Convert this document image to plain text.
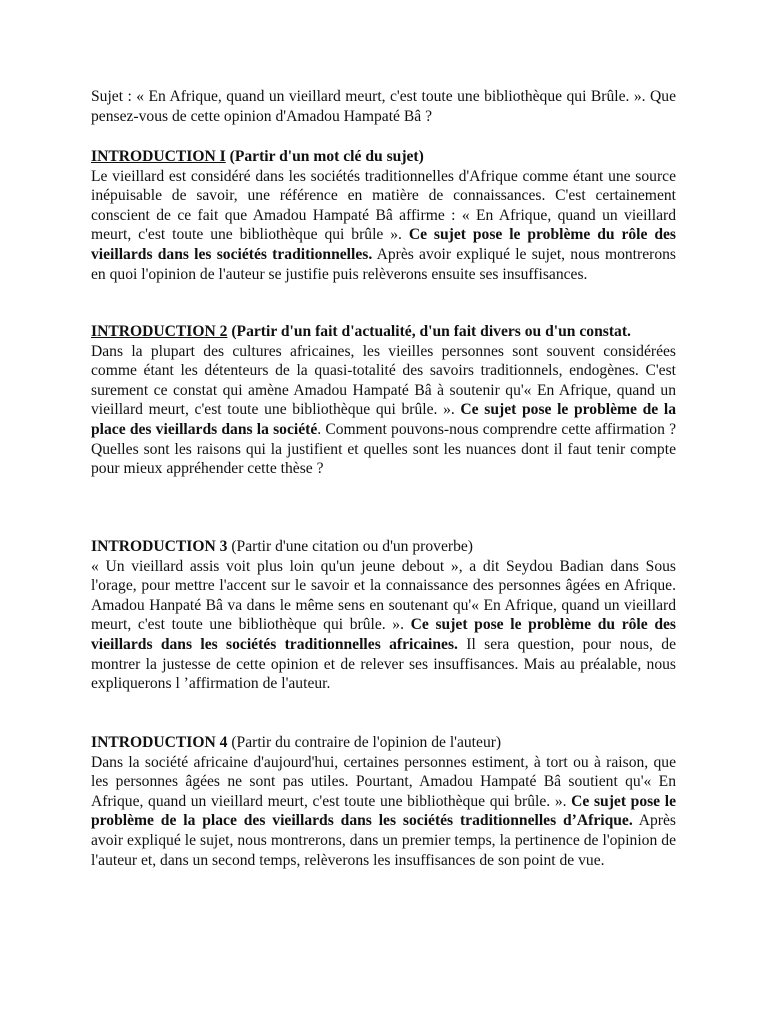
Sujet : « En Afrique, quand un vieillard meurt, c'est toute une bibliothèque qui Brûle. ». Que pensez-vous de cette opinion d'Amadou Hampaté Bâ ?

INTRODUCTION I (Partir d'un mot clé du sujet)

Le vieillard est considéré dans les sociétés traditionnelles d'Afrique comme étant une source inépuisable de savoir, une référence en matière de connaissances. C'est certainement conscient de ce fait que Amadou Hampaté Bâ affirme : « En Afrique, quand un vieillard meurt, c'est toute une bibliothèque qui brûle ». Ce sujet pose le problème du rôle des vieillards dans les sociétés traditionnelles. Après avoir expliqué le sujet, nous montrerons en quoi l'opinion de l'auteur se justifie puis relèverons ensuite ses insuffisances.

INTRODUCTION 2 (Partir d'un fait d'actualité, d'un fait divers ou d'un constat.

Dans la plupart des cultures africaines, les vieilles personnes sont souvent considérées comme étant les détenteurs de la quasi-totalité des savoirs traditionnels, endogènes. C'est surement ce constat qui amène Amadou Hampaté Bâ à soutenir qu'« En Afrique, quand un vieillard meurt, c'est toute une bibliothèque qui brûle. ». Ce sujet pose le problème de la place des vieillards dans la société. Comment pouvons-nous comprendre cette affirmation ? Quelles sont les raisons qui la justifient et quelles sont les nuances dont il faut tenir compte pour mieux appréhender cette thèse ?

INTRODUCTION 3 (Partir d'une citation ou d'un proverbe)

« Un vieillard assis voit plus loin qu'un jeune debout », a dit Seydou Badian dans Sous l'orage, pour mettre l'accent sur le savoir et la connaissance des personnes âgées en Afrique. Amadou Hanpaté Bâ va dans le même sens en soutenant qu'« En Afrique, quand un vieillard meurt, c'est toute une bibliothèque qui brûle. ». Ce sujet pose le problème du rôle des vieillards dans les sociétés traditionnelles africaines. Il sera question, pour nous, de montrer la justesse de cette opinion et de relever ses insuffisances. Mais au préalable, nous expliquerons l ’affirmation de l'auteur.

INTRODUCTION 4 (Partir du contraire de l'opinion de l'auteur)

Dans la société africaine d'aujourd'hui, certaines personnes estiment, à tort ou à raison, que les personnes âgées ne sont pas utiles. Pourtant, Amadou Hampaté Bâ soutient qu'« En Afrique, quand un vieillard meurt, c'est toute une bibliothèque qui brûle. ». Ce sujet pose le problème de la place des vieillards dans les sociétés traditionnelles d’Afrique. Après avoir expliqué le sujet, nous montrerons, dans un premier temps, la pertinence de l'opinion de l'auteur et, dans un second temps, relèverons les insuffisances de son point de vue.
